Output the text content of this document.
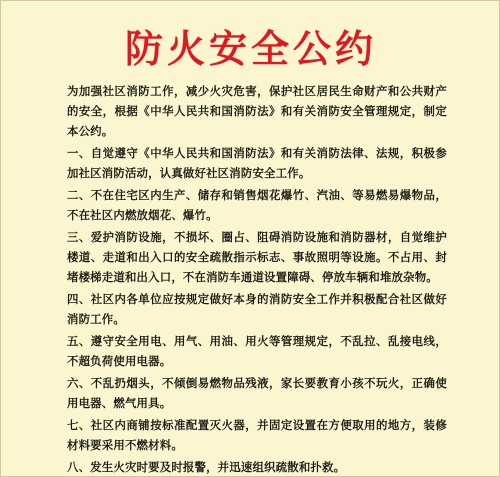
防火安全公约

为加强社区消防工作，减少火灾危害，保护社区居民生命财产和公共财产的安全，根据《中华人民共和国消防法》和有关消防安全管理规定，制定本公约。

一、自觉遵守《中华人民共和国消防法》和有关消防法律、法规，积极参加社区消防活动，认真做好社区消防安全工作。

二、不在住宅区内生产、储存和销售烟花爆竹、汽油、等易燃易爆物品，不在社区内燃放烟花、爆竹。

三、爱护消防设施，不损坏、圈占、阻碍消防设施和消防器材，自觉维护楼道、走道和出入口的安全疏散指示标志、事故照明等设施。不占用、封堵楼梯走道和出入口，不在消防车通道设置障碍、停放车辆和堆放杂物。

四、社区内各单位应按规定做好本身的消防安全工作并积极配合社区做好消防工作。

五、遵守安全用电、用气、用油、用火等管理规定，不乱拉、乱接电线，不超负荷使用电器。

六、不乱扔烟头，不倾倒易燃物品残液，家长要教育小孩不玩火，正确使用电器、燃气用具。

七、社区内商铺按标准配置灭火器，并固定设置在方便取用的地方，装修材料要采用不燃材料。

八、发生火灾时要及时报警，并迅速组织疏散和扑救。
